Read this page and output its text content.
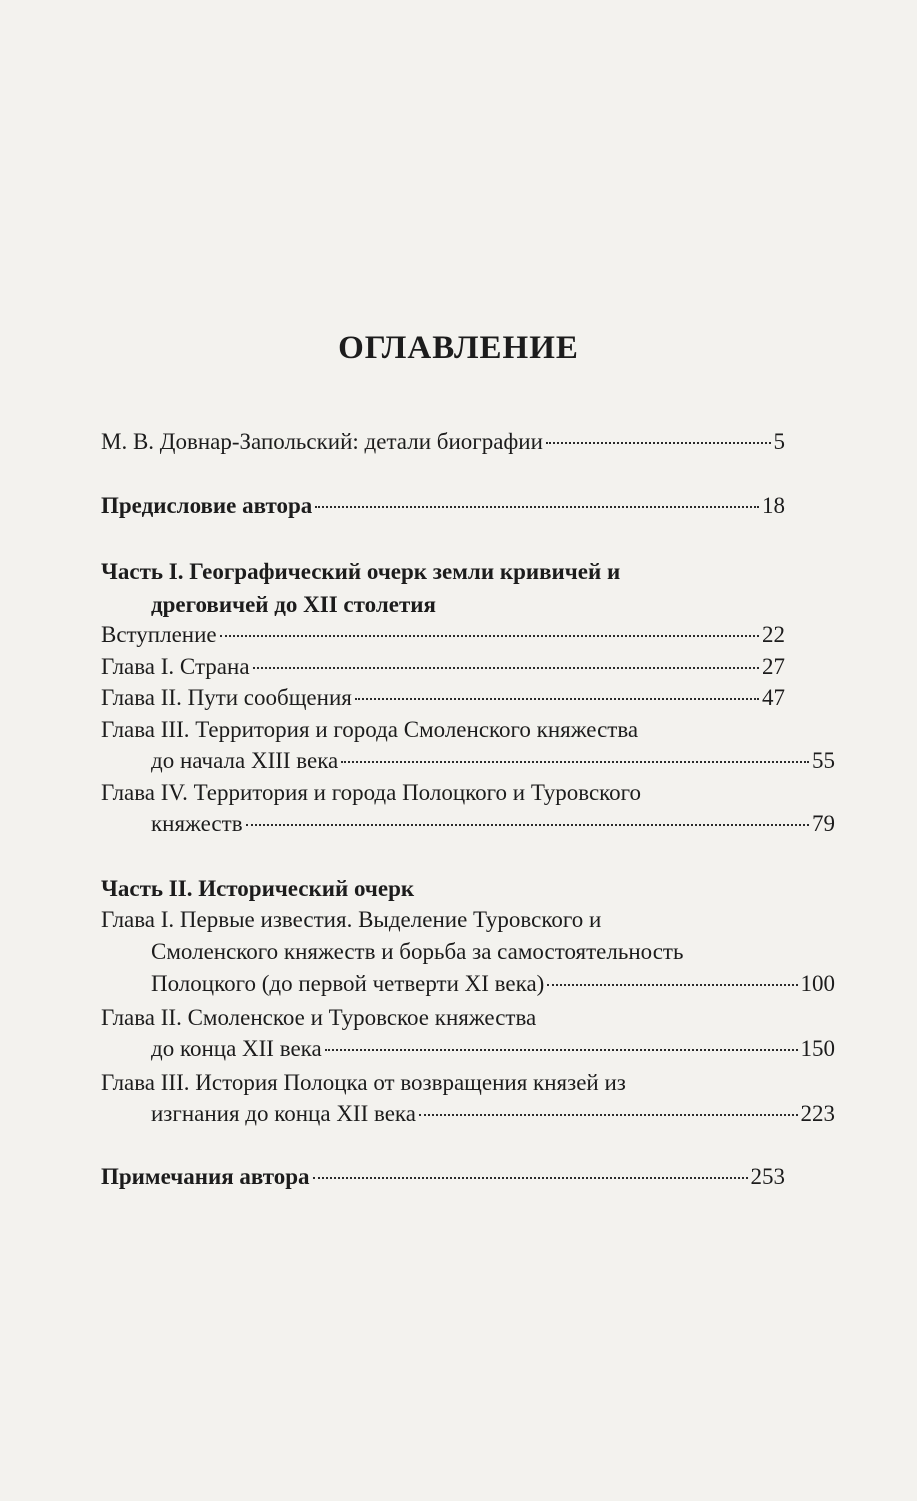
ОГЛАВЛЕНИЕ
М. В. Довнар-Запольский: детали биографии	5
Предисловие автора	18
Часть I. Географический очерк земли кривичей и
дреговичей до XII столетия
Вступление	22
Глава I. Страна	27
Глава II. Пути сообщения	47
Глава III. Территория и города Смоленского княжества
до начала XIII века	55
Глава IV. Территория и города Полоцкого и Туровского
княжеств	79
Часть II. Исторический очерк
Глава I. Первые известия. Выделение Туровского и
Смоленского княжеств и борьба за самостоятельность
Полоцкого (до первой четверти XI века)	100
Глава II. Смоленское и Туровское княжества
до конца XII века	150
Глава III. История Полоцка от возвращения князей из
изгнания до конца XII века	223
Примечания автора	253
